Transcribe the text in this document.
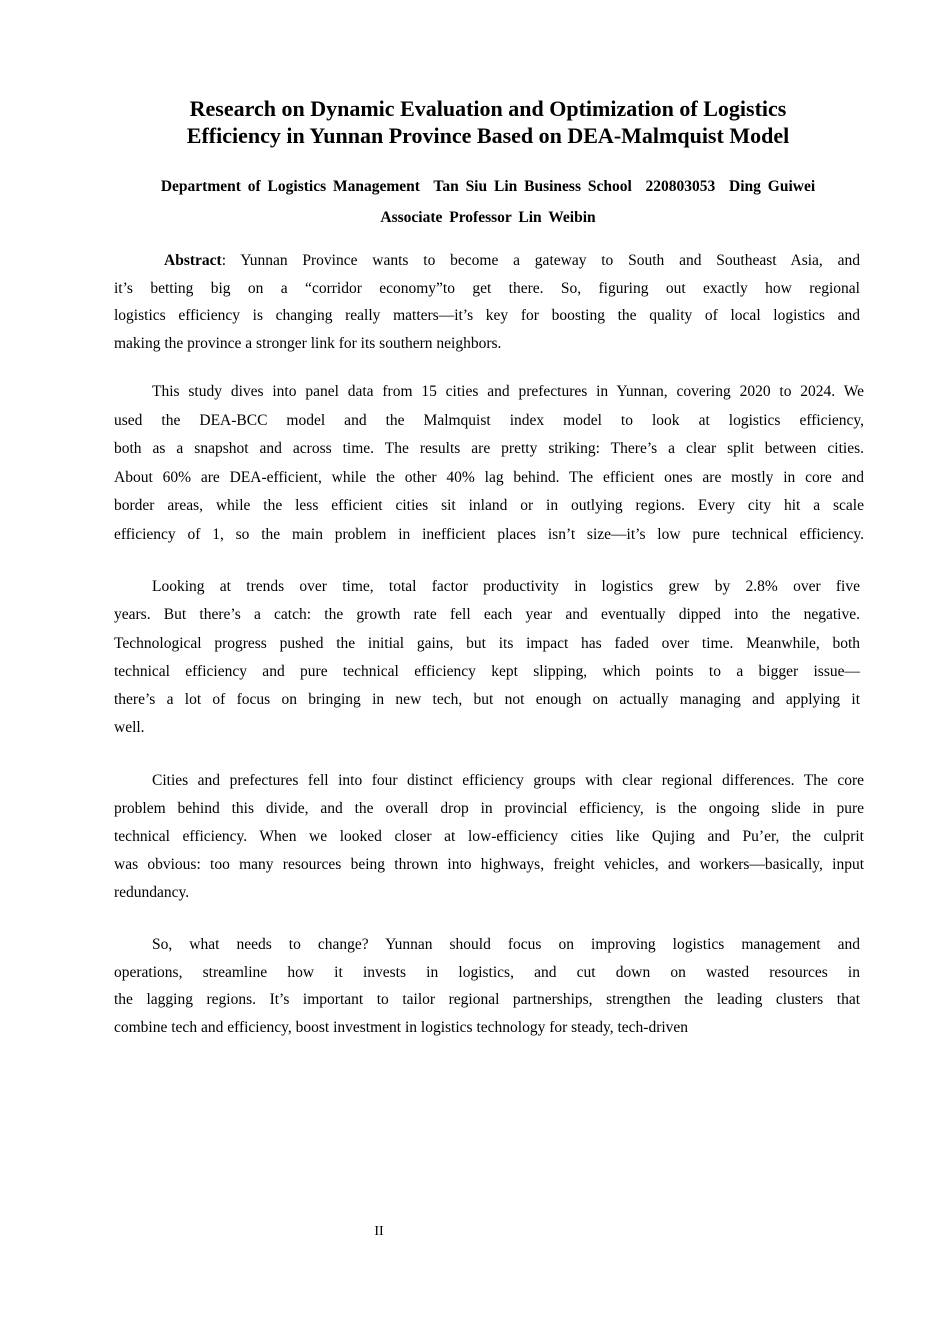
Research on Dynamic Evaluation and Optimization of Logistics
Efficiency in Yunnan Province Based on DEA-Malmquist Model

Department of Logistics Management  Tan Siu Lin Business School  220803053  Ding Guiwei

Associate Professor Lin Weibin

Abstract: Yunnan Province wants to become a gateway to South and Southeast Asia, and
it’s betting big on a “corridor economy”to get there. So, figuring out exactly how regional
logistics efficiency is changing really matters—it’s key for boosting the quality of local logistics and
making the province a stronger link for its southern neighbors.
This study dives into panel data from 15 cities and prefectures in Yunnan, covering 2020 to 2024. We
used the DEA-BCC model and the Malmquist index model to look at logistics efficiency,
both as a snapshot and across time. The results are pretty striking: There’s a clear split between cities.
About 60% are DEA-efficient, while the other 40% lag behind. The efficient ones are mostly in core and
border areas, while the less efficient cities sit inland or in outlying regions. Every city hit a scale
efficiency of 1, so the main problem in inefficient places isn’t size—it’s low pure technical efficiency.
Looking at trends over time, total factor productivity in logistics grew by 2.8% over five
years. But there’s a catch: the growth rate fell each year and eventually dipped into the negative.
Technological progress pushed the initial gains, but its impact has faded over time. Meanwhile, both
technical efficiency and pure technical efficiency kept slipping, which points to a bigger issue—
there’s a lot of focus on bringing in new tech, but not enough on actually managing and applying it
well.
Cities and prefectures fell into four distinct efficiency groups with clear regional differences. The core
problem behind this divide, and the overall drop in provincial efficiency, is the ongoing slide in pure
technical efficiency. When we looked closer at low-efficiency cities like Qujing and Pu’er, the culprit
was obvious: too many resources being thrown into highways, freight vehicles, and workers—basically, input
redundancy.
So, what needs to change? Yunnan should focus on improving logistics management and
operations, streamline how it invests in logistics, and cut down on wasted resources in
the lagging regions. It’s important to tailor regional partnerships, strengthen the leading clusters that
combine tech and efficiency, boost investment in logistics technology for steady, tech-driven
II
